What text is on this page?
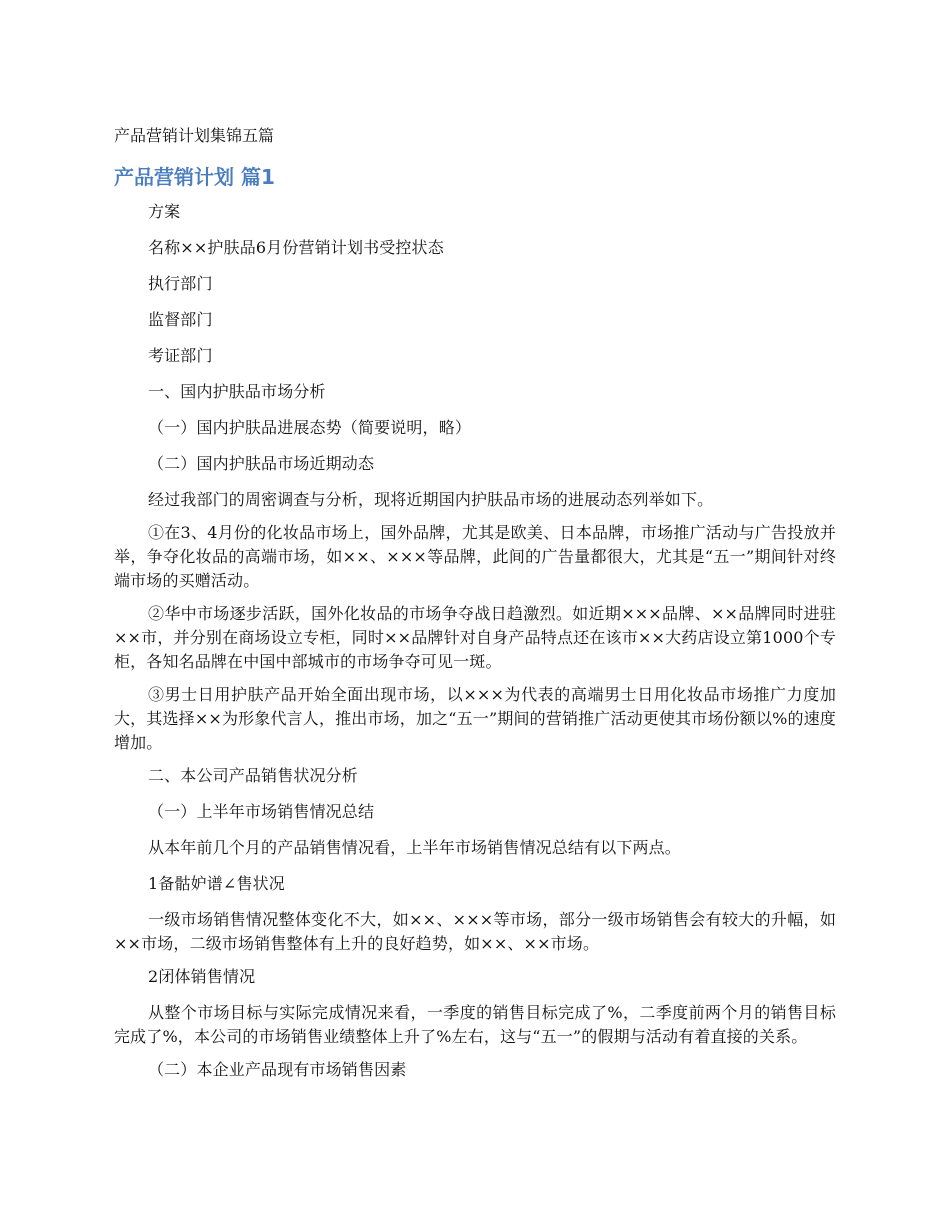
产品营销计划集锦五篇
产品营销计划 篇1

方案

名称××护肤品6月份营销计划书受控状态

执行部门

监督部门

考证部门

一、国内护肤品市场分析

（一）国内护肤品进展态势（简要说明，略）

（二）国内护肤品市场近期动态

经过我部门的周密调查与分析，现将近期国内护肤品市场的进展动态列举如下。

①在3、4月份的化妆品市场上，国外品牌，尤其是欧美、日本品牌，市场推广活动与广告投放并举，争夺化妆品的高端市场，如××、×××等品牌，此间的广告量都很大，尤其是“五一”期间针对终端市场的买赠活动。

②华中市场逐步活跃，国外化妆品的市场争夺战日趋激烈。如近期×××品牌、××品牌同时进驻××市，并分别在商场设立专柜，同时××品牌针对自身产品特点还在该市××大药店设立第1000个专柜，各知名品牌在中国中部城市的市场争夺可见一斑。

③男士日用护肤产品开始全面出现市场，以×××为代表的高端男士日用化妆品市场推广力度加大，其选择××为形象代言人，推出市场，加之“五一”期间的营销推广活动更使其市场份额以%的速度增加。

二、本公司产品销售状况分析

（一）上半年市场销售情况总结

从本年前几个月的产品销售情况看，上半年市场销售情况总结有以下两点。

1备骷妒谱∠售状况

一级市场销售情况整体变化不大，如××、×××等市场，部分一级市场销售会有较大的升幅，如××市场，二级市场销售整体有上升的良好趋势，如××、××市场。

2闭体销售情况

从整个市场目标与实际完成情况来看，一季度的销售目标完成了%，二季度前两个月的销售目标完成了%，本公司的市场销售业绩整体上升了%左右，这与“五一”的假期与活动有着直接的关系。

（二）本企业产品现有市场销售因素
